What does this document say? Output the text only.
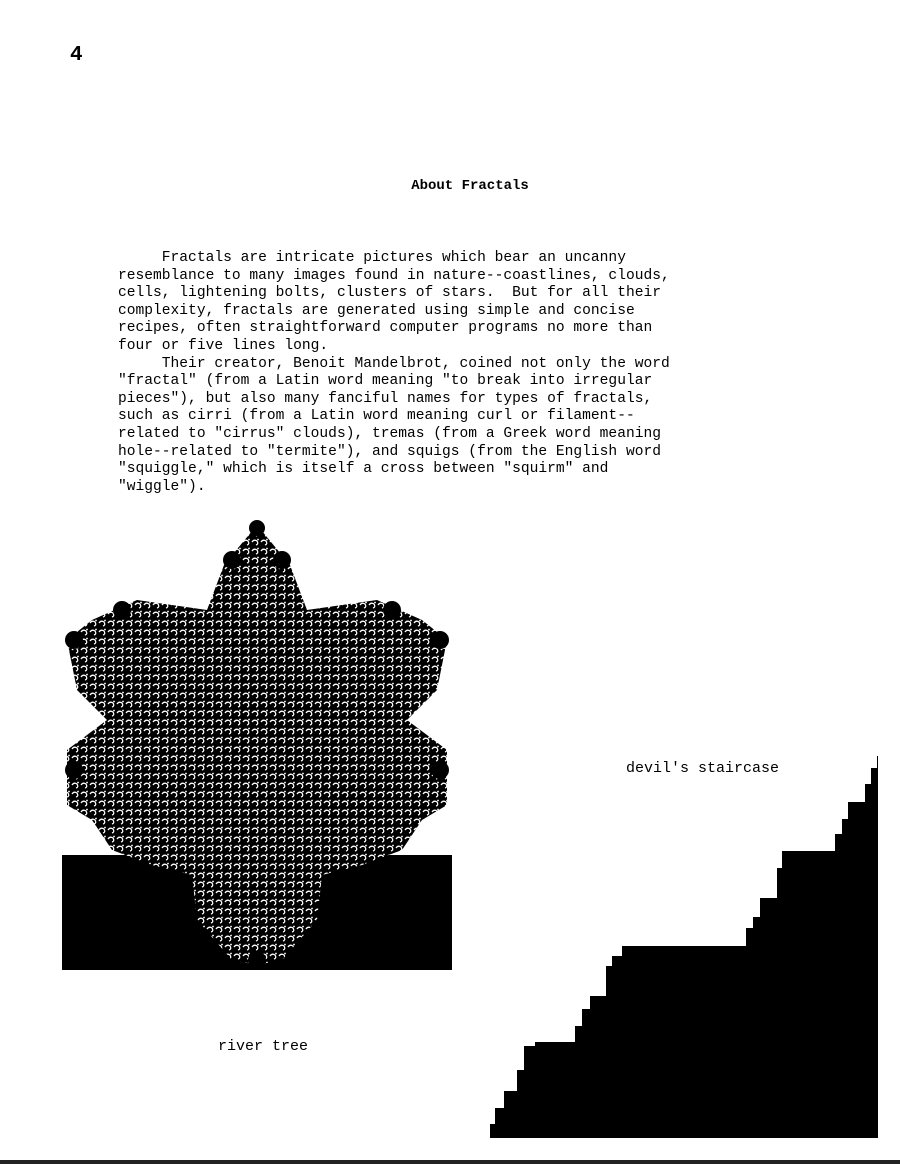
4
About Fractals

Fractals are intricate pictures which bear an uncanny
resemblance to many images found in nature--coastlines, clouds,
cells, lightening bolts, clusters of stars.  But for all their
complexity, fractals are generated using simple and concise
recipes, often straightforward computer programs no more than
four or five lines long.

Their creator, Benoit Mandelbrot, coined not only the word
"fractal" (from a Latin word meaning "to break into irregular
pieces"), but also many fanciful names for types of fractals,
such as cirri (from a Latin word meaning curl or filament--
related to "cirrus" clouds), tremas (from a Greek word meaning
hole--related to "termite"), and squigs (from the English word
"squiggle," which is itself a cross between "squirm" and
"wiggle").

devil's staircase
river tree
